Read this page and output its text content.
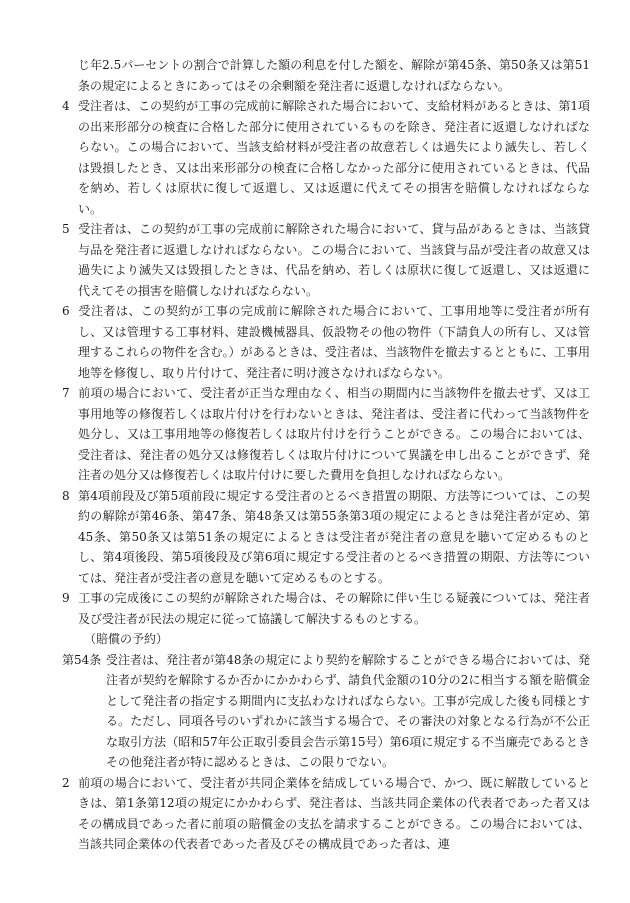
じ年2.5パーセントの割合で計算した額の利息を付した額を、解除が第45条、第50条又は第51条の規定によるときにあってはその余剰額を発注者に返還しなければならない。

4 受注者は、この契約が工事の完成前に解除された場合において、支給材料があるときは、第1項の出来形部分の検査に合格した部分に使用されているものを除き、発注者に返還しなければならない。この場合において、当該支給材料が受注者の故意若しくは過失により滅失し、若しくは毀損したとき、又は出来形部分の検査に合格しなかった部分に使用されているときは、代品を納め、若しくは原状に復して返還し、又は返還に代えてその損害を賠償しなければならない。

5 受注者は、この契約が工事の完成前に解除された場合において、貸与品があるときは、当該貸与品を発注者に返還しなければならない。この場合において、当該貸与品が受注者の故意又は過失により滅失又は毀損したときは、代品を納め、若しくは原状に復して返還し、又は返還に代えてその損害を賠償しなければならない。

6 受注者は、この契約が工事の完成前に解除された場合において、工事用地等に受注者が所有し、又は管理する工事材料、建設機械器具、仮設物その他の物件（下請負人の所有し、又は管理するこれらの物件を含む。）があるときは、受注者は、当該物件を撤去するとともに、工事用地等を修復し、取り片付けて、発注者に明け渡さなければならない。

7 前項の場合において、受注者が正当な理由なく、相当の期間内に当該物件を撤去せず、又は工事用地等の修復若しくは取片付けを行わないときは、発注者は、受注者に代わって当該物件を処分し、又は工事用地等の修復若しくは取片付けを行うことができる。この場合においては、受注者は、発注者の処分又は修復若しくは取片付けについて異議を申し出ることができず、発注者の処分又は修復若しくは取片付けに要した費用を負担しなければならない。

8 第4項前段及び第5項前段に規定する受注者のとるべき措置の期限、方法等については、この契約の解除が第46条、第47条、第48条又は第55条第3項の規定によるときは発注者が定め、第45条、第50条又は第51条の規定によるときは受注者が発注者の意見を聴いて定めるものとし、第4項後段、第5項後段及び第6項に規定する受注者のとるべき措置の期限、方法等については、発注者が受注者の意見を聴いて定めるものとする。

9 工事の完成後にこの契約が解除された場合は、その解除に伴い生じる疑義については、発注者及び受注者が民法の規定に従って協議して解決するものとする。

（賠償の予約）

第54条 受注者は、発注者が第48条の規定により契約を解除することができる場合においては、発注者が契約を解除するか否かにかかわらず、請負代金額の10分の2に相当する額を賠償金として発注者の指定する期間内に支払わなければならない。工事が完成した後も同様とする。ただし、同項各号のいずれかに該当する場合で、その審決の対象となる行為が不公正な取引方法（昭和57年公正取引委員会告示第15号）第6項に規定する不当廉売であるときその他発注者が特に認めるときは、この限りでない。

2 前項の場合において、受注者が共同企業体を結成している場合で、かつ、既に解散しているときは、第1条第12項の規定にかかわらず、発注者は、当該共同企業体の代表者であった者又はその構成員であった者に前項の賠償金の支払を請求することができる。この場合においては、当該共同企業体の代表者であった者及びその構成員であった者は、連
